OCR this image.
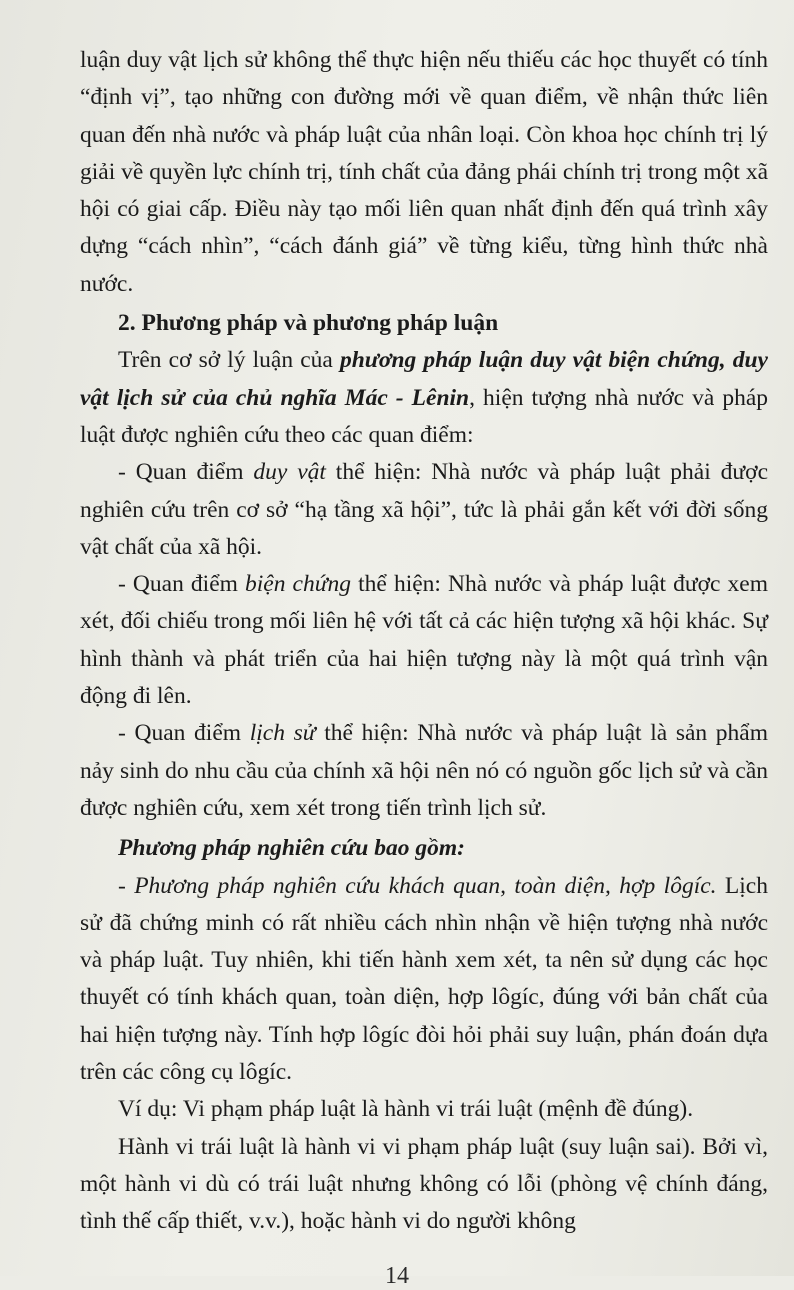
luận duy vật lịch sử không thể thực hiện nếu thiếu các học thuyết có tính “định vị”, tạo những con đường mới về quan điểm, về nhận thức liên quan đến nhà nước và pháp luật của nhân loại. Còn khoa học chính trị lý giải về quyền lực chính trị, tính chất của đảng phái chính trị trong một xã hội có giai cấp. Điều này tạo mối liên quan nhất định đến quá trình xây dựng “cách nhìn”, “cách đánh giá” về từng kiểu, từng hình thức nhà nước.

2. Phương pháp và phương pháp luận

Trên cơ sở lý luận của phương pháp luận duy vật biện chứng, duy vật lịch sử của chủ nghĩa Mác - Lênin, hiện tượng nhà nước và pháp luật được nghiên cứu theo các quan điểm:

- Quan điểm duy vật thể hiện: Nhà nước và pháp luật phải được nghiên cứu trên cơ sở “hạ tầng xã hội”, tức là phải gắn kết với đời sống vật chất của xã hội.

- Quan điểm biện chứng thể hiện: Nhà nước và pháp luật được xem xét, đối chiếu trong mối liên hệ với tất cả các hiện tượng xã hội khác. Sự hình thành và phát triển của hai hiện tượng này là một quá trình vận động đi lên.

- Quan điểm lịch sử thể hiện: Nhà nước và pháp luật là sản phẩm nảy sinh do nhu cầu của chính xã hội nên nó có nguồn gốc lịch sử và cần được nghiên cứu, xem xét trong tiến trình lịch sử.

Phương pháp nghiên cứu bao gồm:

- Phương pháp nghiên cứu khách quan, toàn diện, hợp lôgíc. Lịch sử đã chứng minh có rất nhiều cách nhìn nhận về hiện tượng nhà nước và pháp luật. Tuy nhiên, khi tiến hành xem xét, ta nên sử dụng các học thuyết có tính khách quan, toàn diện, hợp lôgíc, đúng với bản chất của hai hiện tượng này. Tính hợp lôgíc đòi hỏi phải suy luận, phán đoán dựa trên các công cụ lôgíc.

Ví dụ: Vi phạm pháp luật là hành vi trái luật (mệnh đề đúng).

Hành vi trái luật là hành vi vi phạm pháp luật (suy luận sai). Bởi vì, một hành vi dù có trái luật nhưng không có lỗi (phòng vệ chính đáng, tình thế cấp thiết, v.v.), hoặc hành vi do người không

14
